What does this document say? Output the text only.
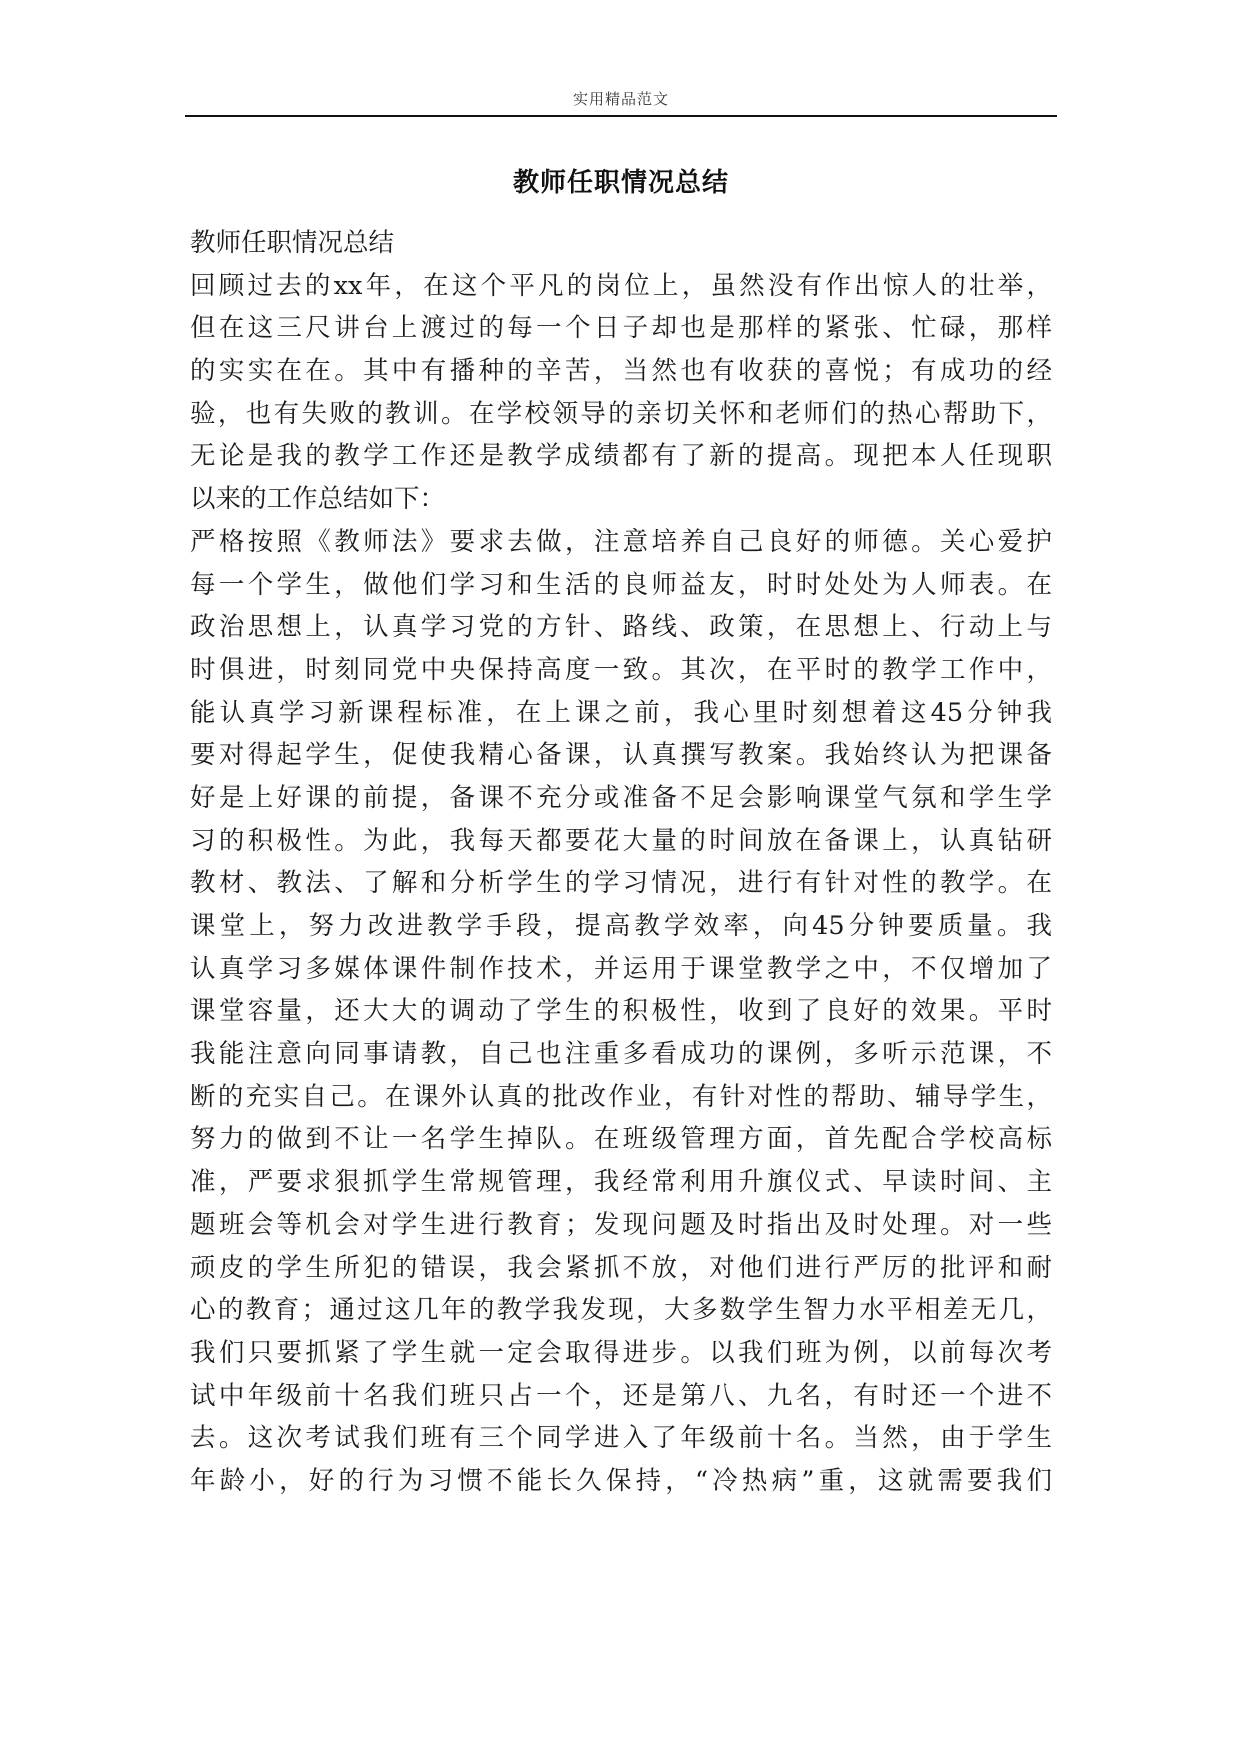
实用精品范文
教师任职情况总结
教师任职情况总结
回顾过去的xx年，在这个平凡的岗位上，虽然没有作出惊人的壮举，
但在这三尺讲台上渡过的每一个日子却也是那样的紧张、忙碌，那样
的实实在在。其中有播种的辛苦，当然也有收获的喜悦；有成功的经
验，也有失败的教训。在学校领导的亲切关怀和老师们的热心帮助下，
无论是我的教学工作还是教学成绩都有了新的提高。现把本人任现职
以来的工作总结如下：
严格按照《教师法》要求去做，注意培养自己良好的师德。关心爱护
每一个学生，做他们学习和生活的良师益友，时时处处为人师表。在
政治思想上，认真学习党的方针、路线、政策，在思想上、行动上与
时俱进，时刻同党中央保持高度一致。其次，在平时的教学工作中，
能认真学习新课程标准，在上课之前，我心里时刻想着这45分钟我
要对得起学生，促使我精心备课，认真撰写教案。我始终认为把课备
好是上好课的前提，备课不充分或准备不足会影响课堂气氛和学生学
习的积极性。为此，我每天都要花大量的时间放在备课上，认真钻研
教材、教法、了解和分析学生的学习情况，进行有针对性的教学。在
课堂上，努力改进教学手段，提高教学效率，向45分钟要质量。我
认真学习多媒体课件制作技术，并运用于课堂教学之中，不仅增加了
课堂容量，还大大的调动了学生的积极性，收到了良好的效果。平时
我能注意向同事请教，自己也注重多看成功的课例，多听示范课，不
断的充实自己。在课外认真的批改作业，有针对性的帮助、辅导学生，
努力的做到不让一名学生掉队。在班级管理方面，首先配合学校高标
准，严要求狠抓学生常规管理，我经常利用升旗仪式、早读时间、主
题班会等机会对学生进行教育；发现问题及时指出及时处理。对一些
顽皮的学生所犯的错误，我会紧抓不放，对他们进行严厉的批评和耐
心的教育；通过这几年的教学我发现，大多数学生智力水平相差无几，
我们只要抓紧了学生就一定会取得进步。以我们班为例，以前每次考
试中年级前十名我们班只占一个，还是第八、九名，有时还一个进不
去。这次考试我们班有三个同学进入了年级前十名。当然，由于学生
年龄小，好的行为习惯不能长久保持，“冷热病”重，这就需要我们
